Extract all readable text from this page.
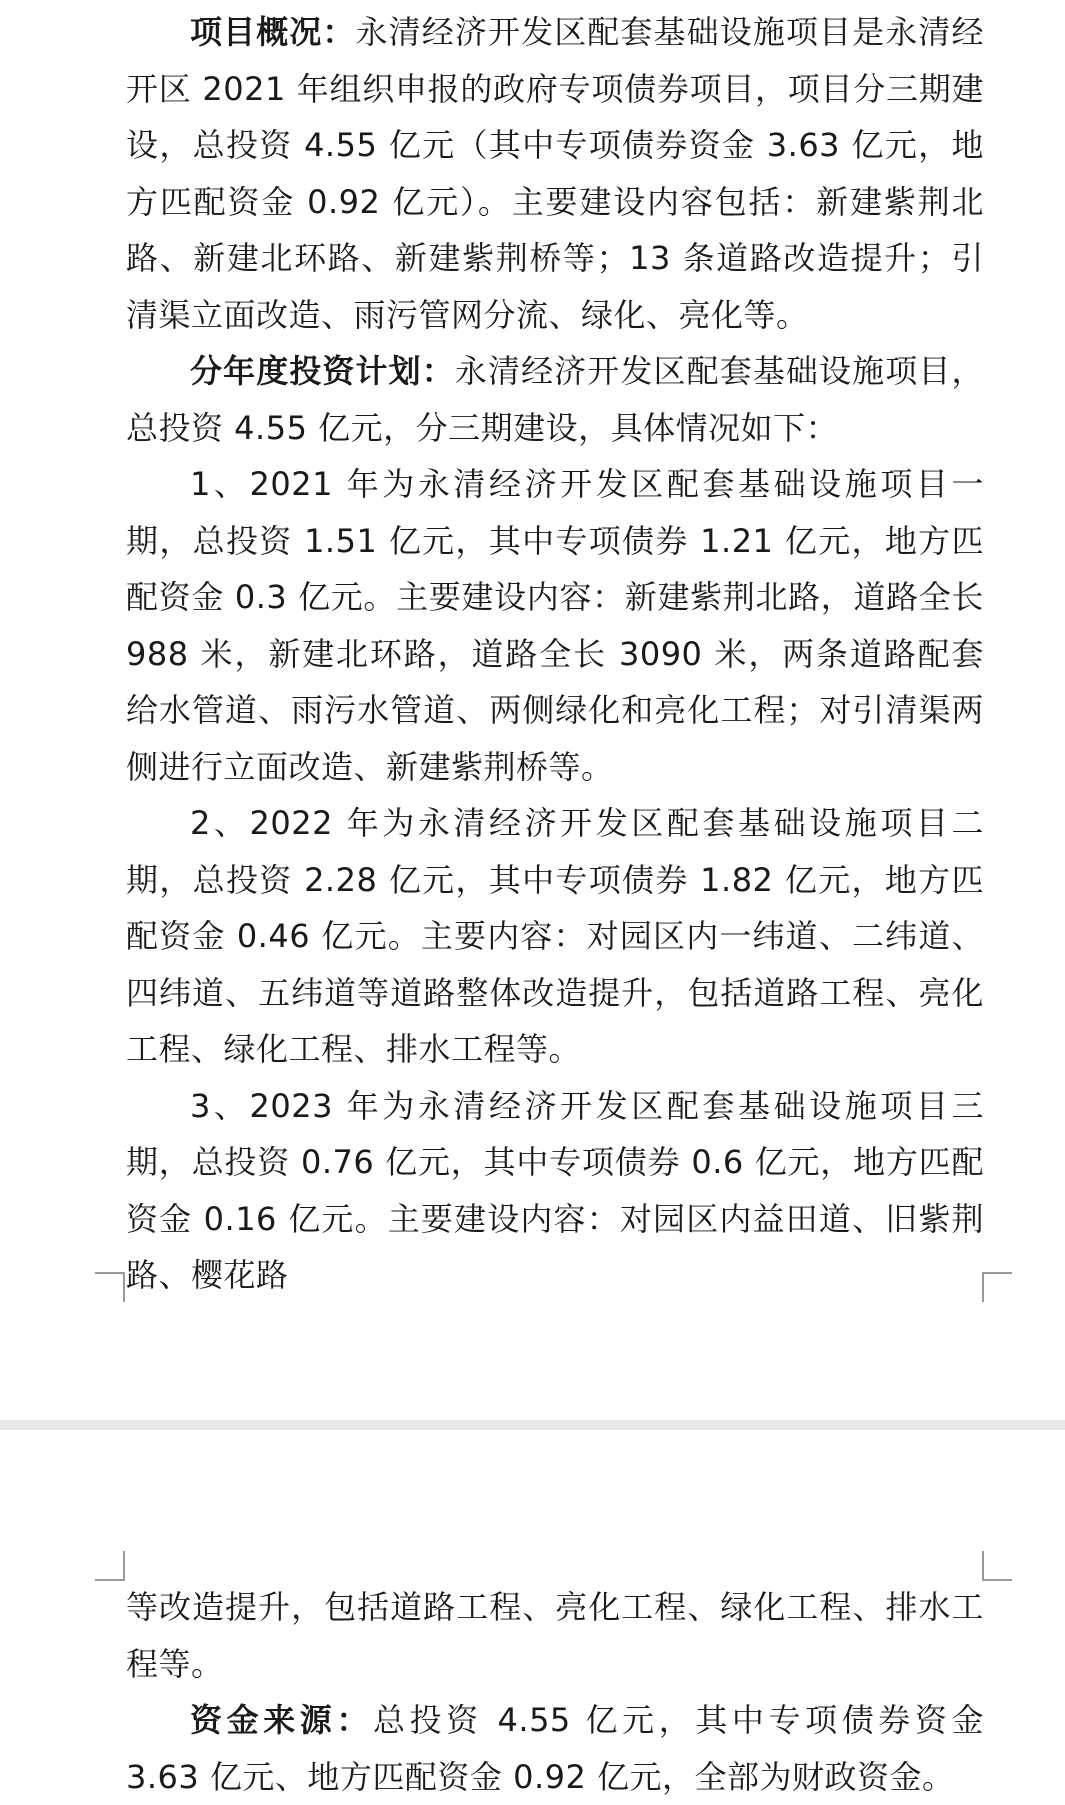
项目概况：永清经济开发区配套基础设施项目是永清经开区 2021 年组织申报的政府专项债券项目，项目分三期建设，总投资 4.55 亿元（其中专项债券资金 3.63 亿元，地方匹配资金 0.92 亿元）。主要建设内容包括：新建紫荆北路、新建北环路、新建紫荆桥等；13 条道路改造提升；引清渠立面改造、雨污管网分流、绿化、亮化等。

分年度投资计划：永清经济开发区配套基础设施项目，总投资 4.55 亿元，分三期建设，具体情况如下：

1、2021 年为永清经济开发区配套基础设施项目一期，总投资 1.51 亿元，其中专项债券 1.21 亿元，地方匹配资金 0.3 亿元。主要建设内容：新建紫荆北路，道路全长 988 米，新建北环路，道路全长 3090 米，两条道路配套给水管道、雨污水管道、两侧绿化和亮化工程；对引清渠两侧进行立面改造、新建紫荆桥等。

2、2022 年为永清经济开发区配套基础设施项目二期，总投资 2.28 亿元，其中专项债券 1.82 亿元，地方匹配资金 0.46 亿元。主要内容：对园区内一纬道、二纬道、四纬道、五纬道等道路整体改造提升，包括道路工程、亮化工程、绿化工程、排水工程等。

3、2023 年为永清经济开发区配套基础设施项目三期，总投资 0.76 亿元，其中专项债券 0.6 亿元，地方匹配资金 0.16 亿元。主要建设内容：对园区内益田道、旧紫荆路、樱花路

等改造提升，包括道路工程、亮化工程、绿化工程、排水工程等。

资金来源：总投资 4.55 亿元，其中专项债券资金 3.63 亿元、地方匹配资金 0.92 亿元，全部为财政资金。
